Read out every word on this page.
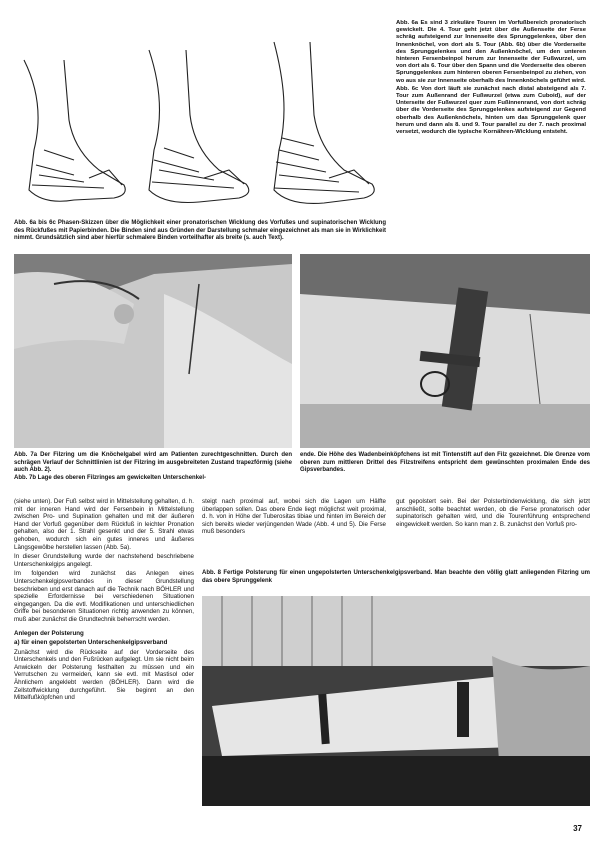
Abb. 6a Es sind 3 zirkuläre Touren im Vorfußbereich pronatorisch gewickelt. Die 4. Tour geht jetzt über die Außenseite der Ferse schräg aufsteigend zur Innenseite des Sprunggelenkes, über den Innenknöchel, von dort als 5. Tour (Abb. 6b) über die Vorderseite des Sprunggelenkes und den Außenknöchel, um den unteren hinteren Fersenbeinpol herum zur Innenseite der Fußwurzel, um von dort als 6. Tour über den Spann und die Vorderseite des oberen Sprunggelenkes zum hinteren oberen Fersenbeinpol zu ziehen, von wo aus sie zur Innenseite oberhalb des Innenknöchels geführt wird.

Abb. 6c Von dort läuft sie zunächst nach distal absteigend als 7. Tour zum Außenrand der Fußwurzel (etwa zum Cuboid), auf der Unterseite der Fußwurzel quer zum Fußinnenrand, von dort schräg über die Vorderseite des Sprunggelenkes aufsteigend zur Gegend oberhalb des Außenknöchels, hinten um das Sprunggelenk quer herum und dann als 8. und 9. Tour parallel zu der 7. nach proximal versetzt, wodurch die typische Kornähren-Wicklung entsteht.

Abb. 6a bis 6c Phasen-Skizzen über die Möglichkeit einer pronatorischen Wicklung des Vorfußes und supinatorischen Wicklung des Rückfußes mit Papierbinden. Die Binden sind aus Gründen der Darstellung schmaler eingezeichnet als man sie in Wirklichkeit nimmt. Grundsätzlich sind aber hierfür schmalere Binden vorteilhafter als breite (s. auch Text).
Abb. 7a Der Filzring um die Knöchelgabel wird am Patienten zurechtgeschnitten. Durch den schrägen Verlauf der Schnittlinien ist der Filzring im ausgebreiteten Zustand trapezförmig (siehe auch Abb. 2).
Abb. 7b Lage des oberen Filzringes am gewickelten Unterschenkel-
ende. Die Höhe des Wadenbeinköpfchens ist mit Tintenstift auf den Filz gezeichnet. Die Grenze vom oberen zum mittleren Drittel des Filzstreifens entspricht dem gewünschten proximalen Ende des Gipsverbandes.

(siehe unten). Der Fuß selbst wird in Mittelstellung gehalten, d. h. mit der inneren Hand wird der Fersenbein in Mittelstellung zwischen Pro- und Supination gehalten und mit der äußeren Hand der Vorfuß gegenüber dem Rückfuß in leichter Pronation gehalten, also der 1. Strahl gesenkt und der 5. Strahl etwas gehoben, wodurch sich ein gutes inneres und äußeres Längsgewölbe herstellen lassen (Abb. 5a).

In dieser Grundstellung wurde der nachstehend beschriebene Unterschenkelgips angelegt.

Im folgenden wird zunächst das Anlegen eines Unterschenkelgipsverbandes in dieser Grundstellung beschrieben und erst danach auf die Technik nach BÖHLER und spezielle Erfordernisse bei verschiedenen Situationen eingegangen. Da die evtl. Modifikationen und unterschiedlichen Griffe bei besonderen Situationen richtig anwenden zu können, muß aber zunächst die Grundtechnik beherrscht werden.

Anlegen der Polsterung

a) für einen gepolsterten Unterschenkelgipsverband

Zunächst wird die Rückseite auf der Vorderseite des Unterschenkels und den Fußrücken aufgelegt. Um sie nicht beim Anwickeln der Polsterung festhalten zu müssen und ein Verrutschen zu vermeiden, kann sie evtl. mit Mastisol oder Ähnlichem angeklebt werden (BÖHLER). Dann wird die Zellstoffwicklung durchgeführt. Sie beginnt an den Mittelfußköpfchen und

steigt nach proximal auf, wobei sich die Lagen um Hälfte überlappen sollen. Das obere Ende liegt möglichst weit proximal, d. h. von in Höhe der Tuberositas tibiae und hinten im Bereich der sich bereits wieder verjüngenden Wade (Abb. 4 und 5). Die Ferse muß besonders
gut gepolstert sein. Bei der Polsterbindenwicklung, die sich jetzt anschließt, sollte beachtet werden, ob die Ferse pronatorisch oder supinatorisch gehalten wird, und die Tourenführung entsprechend eingewickelt werden. So kann man z. B. zunächst den Vorfuß pro-
Abb. 8 Fertige Polsterung für einen ungepolsterten Unterschenkelgipsverband. Man beachte den völlig glatt anliegenden Filzring um das obere Sprunggelenk
37
